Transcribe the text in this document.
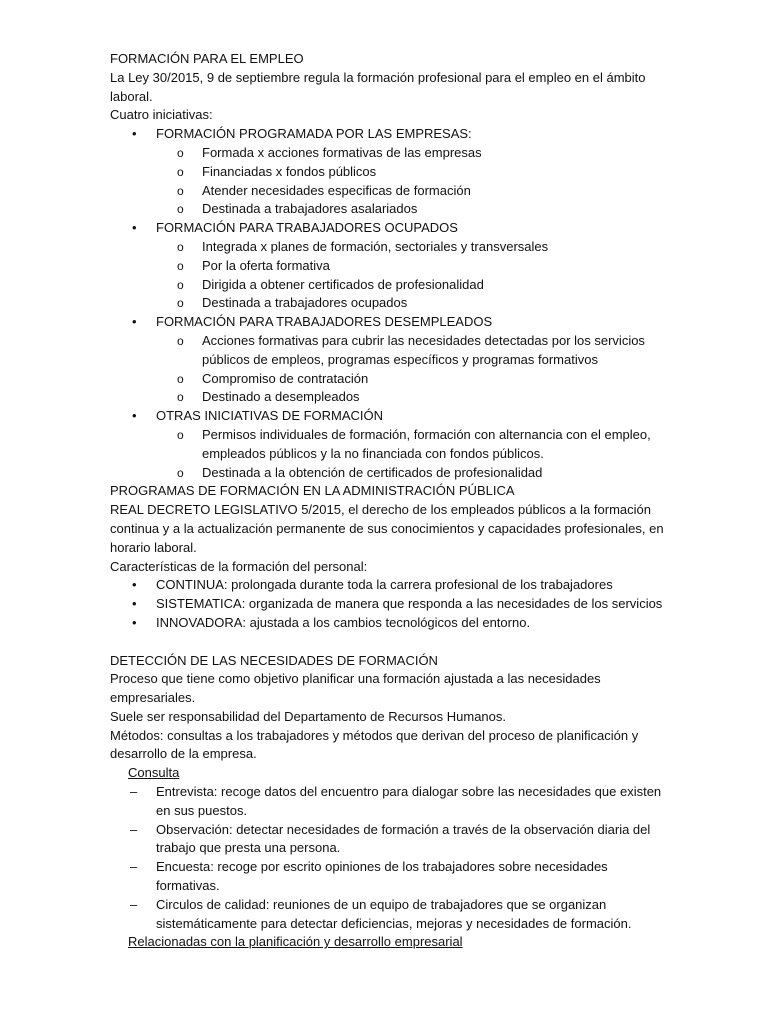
FORMACIÓN PARA EL EMPLEO

La Ley 30/2015, 9 de septiembre regula la formación profesional para el empleo en el ámbito laboral.

Cuatro iniciativas:

•	FORMACIÓN PROGRAMADA POR LAS EMPRESAS:

o	Formada x acciones formativas de las empresas

o	Financiadas x fondos públicos

o	Atender necesidades especificas de formación

o	Destinada a trabajadores asalariados

•	FORMACIÓN PARA TRABAJADORES OCUPADOS

o	Integrada x planes de formación, sectoriales y transversales

o	Por la oferta formativa

o	Dirigida a obtener certificados de profesionalidad

o	Destinada a trabajadores ocupados

•	FORMACIÓN PARA TRABAJADORES DESEMPLEADOS

o	Acciones formativas para cubrir las necesidades detectadas por los servicios públicos de empleos, programas específicos y programas formativos

o	Compromiso de contratación

o	Destinado a desempleados

•	OTRAS INICIATIVAS DE FORMACIÓN

o	Permisos individuales de formación, formación con alternancia con el empleo, empleados públicos y la no financiada con fondos públicos.

o	Destinada a la obtención de certificados de profesionalidad

PROGRAMAS DE FORMACIÓN EN LA ADMINISTRACIÓN PÚBLICA

REAL DECRETO LEGISLATIVO 5/2015, el derecho de los empleados públicos a la formación continua y a la actualización permanente de sus conocimientos y capacidades profesionales, en horario laboral.

Características de la formación del personal:

•	CONTINUA: prolongada durante toda la carrera profesional de los trabajadores
•	SISTEMATICA: organizada de manera que responda a las necesidades de los servicios
•	INNOVADORA: ajustada a los cambios tecnológicos del entorno.

DETECCIÓN DE LAS NECESIDADES DE FORMACIÓN

Proceso que tiene como objetivo planificar una formación ajustada a las necesidades empresariales.

Suele ser responsabilidad del Departamento de Recursos Humanos.

Métodos: consultas a los trabajadores y métodos que derivan del proceso de planificación y desarrollo de la empresa.

Consulta

–	Entrevista: recoge datos del encuentro para dialogar sobre las necesidades que existen en sus puestos.
–	Observación: detectar necesidades de formación a través de la observación diaria del trabajo que presta una persona.
–	Encuesta: recoge por escrito opiniones de los trabajadores sobre necesidades formativas.
–	Circulos de calidad: reuniones de un equipo de trabajadores que se organizan sistemáticamente para detectar deficiencias, mejoras y necesidades de formación.

Relacionadas con la planificación y desarrollo empresarial
